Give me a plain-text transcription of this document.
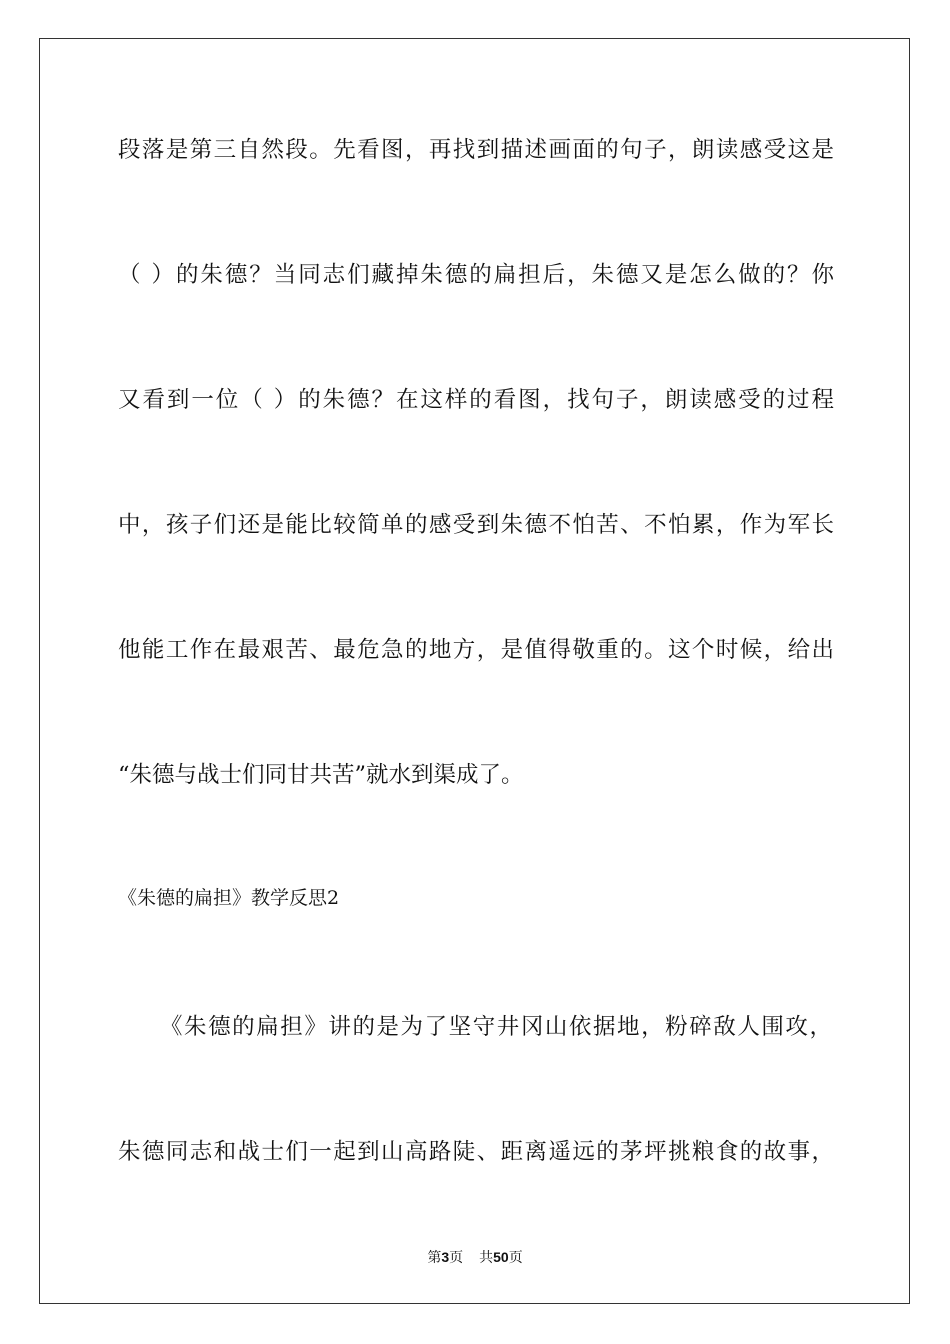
段落是第三自然段。先看图，再找到描述画面的句子，朗读感受这是
（ ）的朱德？当同志们藏掉朱德的扁担后，朱德又是怎么做的？你
又看到一位（ ）的朱德？在这样的看图，找句子，朗读感受的过程
中，孩子们还是能比较简单的感受到朱德不怕苦、不怕累，作为军长
他能工作在最艰苦、最危急的地方，是值得敬重的。这个时候，给出
“朱德与战士们同甘共苦”就水到渠成了。
《朱德的扁担》教学反思2
《朱德的扁担》讲的是为了坚守井冈山依据地，粉碎敌人围攻，
朱德同志和战士们一起到山高路陡、距离遥远的茅坪挑粮食的故事，
第3页 共50页
